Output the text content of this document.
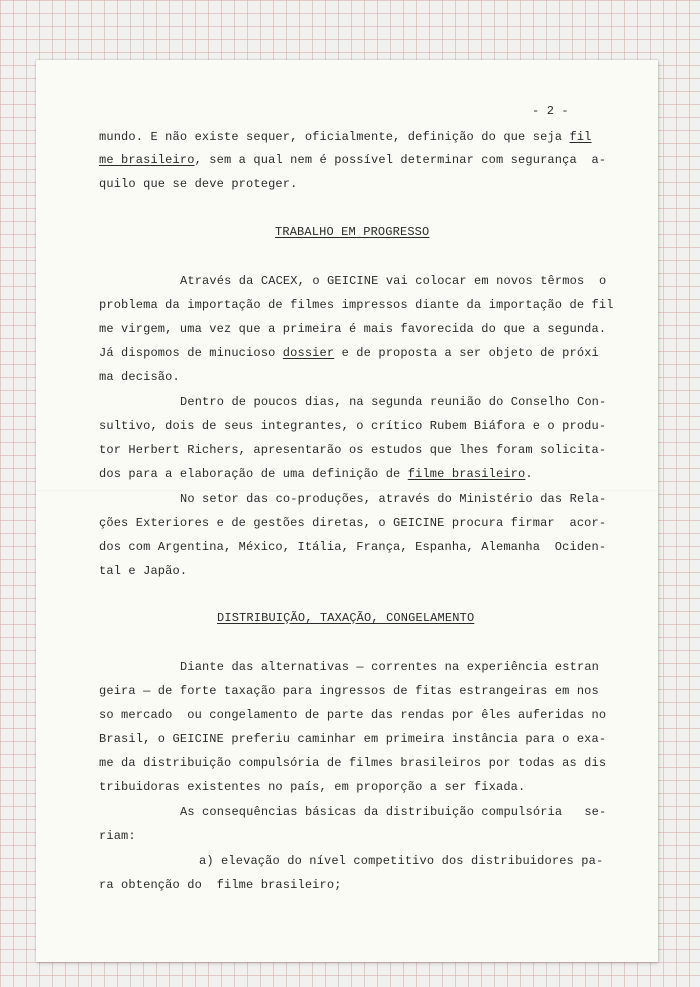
- 2 -
mundo. E não existe sequer, oficialmente, definição do que seja fil
me brasileiro, sem a qual nem é possível determinar com segurança  a-
quilo que se deve proteger.
TRABALHO EM PROGRESSO
Através da CACEX, o GEICINE vai colocar em novos têrmos  o
problema da importação de filmes impressos diante da importação de fil
me virgem, uma vez que a primeira é mais favorecida do que a segunda.
Já dispomos de minucioso dossier e de proposta a ser objeto de próxi
ma decisão.
Dentro de poucos dias, na segunda reunião do Conselho Con-
sultivo, dois de seus integrantes, o crítico Rubem Biáfora e o produ-
tor Herbert Richers, apresentarão os estudos que lhes foram solicita-
dos para a elaboração de uma definição de filme brasileiro.
No setor das co-produções, através do Ministério das Rela-
ções Exteriores e de gestões diretas, o GEICINE procura firmar  acor-
dos com Argentina, México, Itália, França, Espanha, Alemanha  Ociden-
tal e Japão.
DISTRIBUIÇÃO, TAXAÇÃO, CONGELAMENTO
Diante das alternativas — correntes na experiência estran
geira — de forte taxação para ingressos de fitas estrangeiras em nos
so mercado  ou congelamento de parte das rendas por êles auferidas no
Brasil, o GEICINE preferiu caminhar em primeira instância para o exa-
me da distribuição compulsória de filmes brasileiros por todas as dis
tribuidoras existentes no país, em proporção a ser fixada.
As consequências básicas da distribuição compulsória   se-
riam:
a) elevação do nível competitivo dos distribuidores pa-
ra obtenção do  filme brasileiro;
